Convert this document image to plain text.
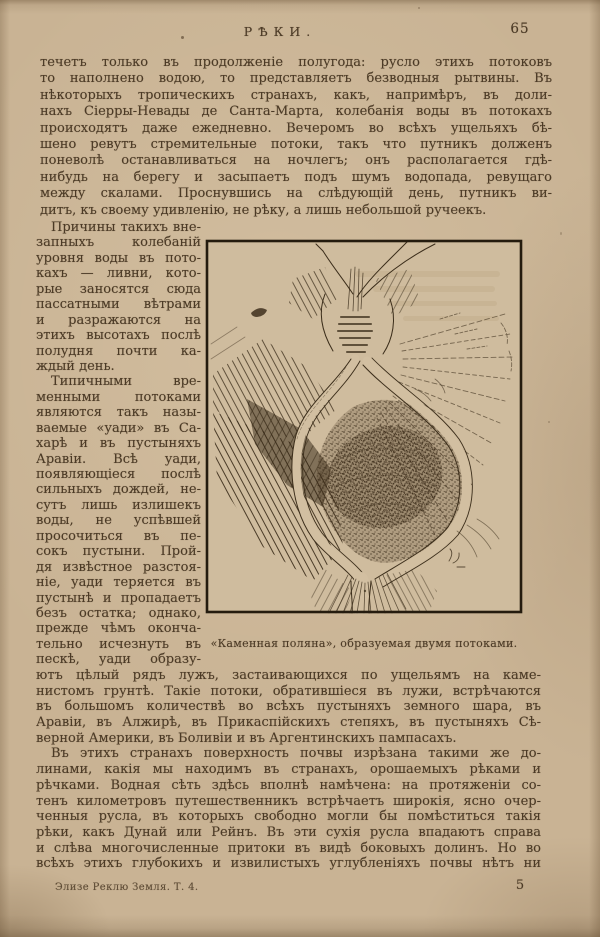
РѢКИ.	65
течетъ только въ продолженіе полугода: русло этихъ потоковъ
то наполнено водою, то представляетъ безводныя рытвины. Въ
нѣкоторыхъ тропическихъ странахъ, какъ, напримѣръ, въ доли-
нахъ Сіерры-Невады де Санта-Марта, колебанія воды въ потокахъ
происходятъ даже ежедневно. Вечеромъ во всѣхъ ущельяхъ бѣ-
шено ревутъ стремительные потоки, такъ что путникъ долженъ
поневолѣ останавливаться на ночлегъ; онъ располагается гдѣ-
нибудь на берегу и засыпаетъ подъ шумъ водопада, ревущаго
между скалами. Проснувшись на слѣдующій день, путникъ ви-
дитъ, къ своему удивленію, не рѣку, а лишь небольшой ручеекъ.
Причины такихъ вне-
запныхъ колебаній
уровня воды въ пото-
кахъ — ливни, кото-
рые заносятся сюда
пассатными вѣтрами
и разражаются на
этихъ высотахъ послѣ
полудня почти ка-
ждый день.
Типичными вре-
менными потоками
являются такъ назы-
ваемые «уади» въ Са-
харѣ и въ пустыняхъ
Аравіи. Всѣ уади,
появляющіеся послѣ
сильныхъ дождей, не-
сутъ лишь излишекъ
воды, не успѣвшей
просочиться въ пе-
сокъ пустыни. Прой-
дя извѣстное разстоя-
ніе, уади теряется въ
пустынѣ и пропадаетъ
безъ остатка; однако,
прежде чѣмъ оконча-
тельно исчезнуть въ
пескѣ, уади образу-
«Каменная поляна», образуемая двумя потоками.
ютъ цѣлый рядъ лужъ, застаивающихся по ущельямъ на каме-
нистомъ грунтѣ. Такіе потоки, обратившіеся въ лужи, встрѣчаются
въ большомъ количествѣ во всѣхъ пустыняхъ земного шара, въ
Аравіи, въ Алжирѣ, въ Прикаспійскихъ степяхъ, въ пустыняхъ Сѣ-
верной Америки, въ Боливіи и въ Аргентинскихъ пампасахъ.
Въ этихъ странахъ поверхность почвы изрѣзана такими же до-
линами, какія мы находимъ въ странахъ, орошаемыхъ рѣками и
рѣчками. Водная сѣть здѣсь вполнѣ намѣчена: на протяженіи со-
тенъ километровъ путешественникъ встрѣчаетъ широкія, ясно очер-
ченныя русла, въ которыхъ свободно могли бы помѣститься такія
рѣки, какъ Дунай или Рейнъ. Въ эти сухія русла впадаютъ справа
и слѣва многочисленные притоки въ видѣ боковыхъ долинъ. Но во
всѣхъ этихъ глубокихъ и извилистыхъ углубленіяхъ почвы нѣтъ ни
Элизе Реклю Земля. Т. 4.	5
